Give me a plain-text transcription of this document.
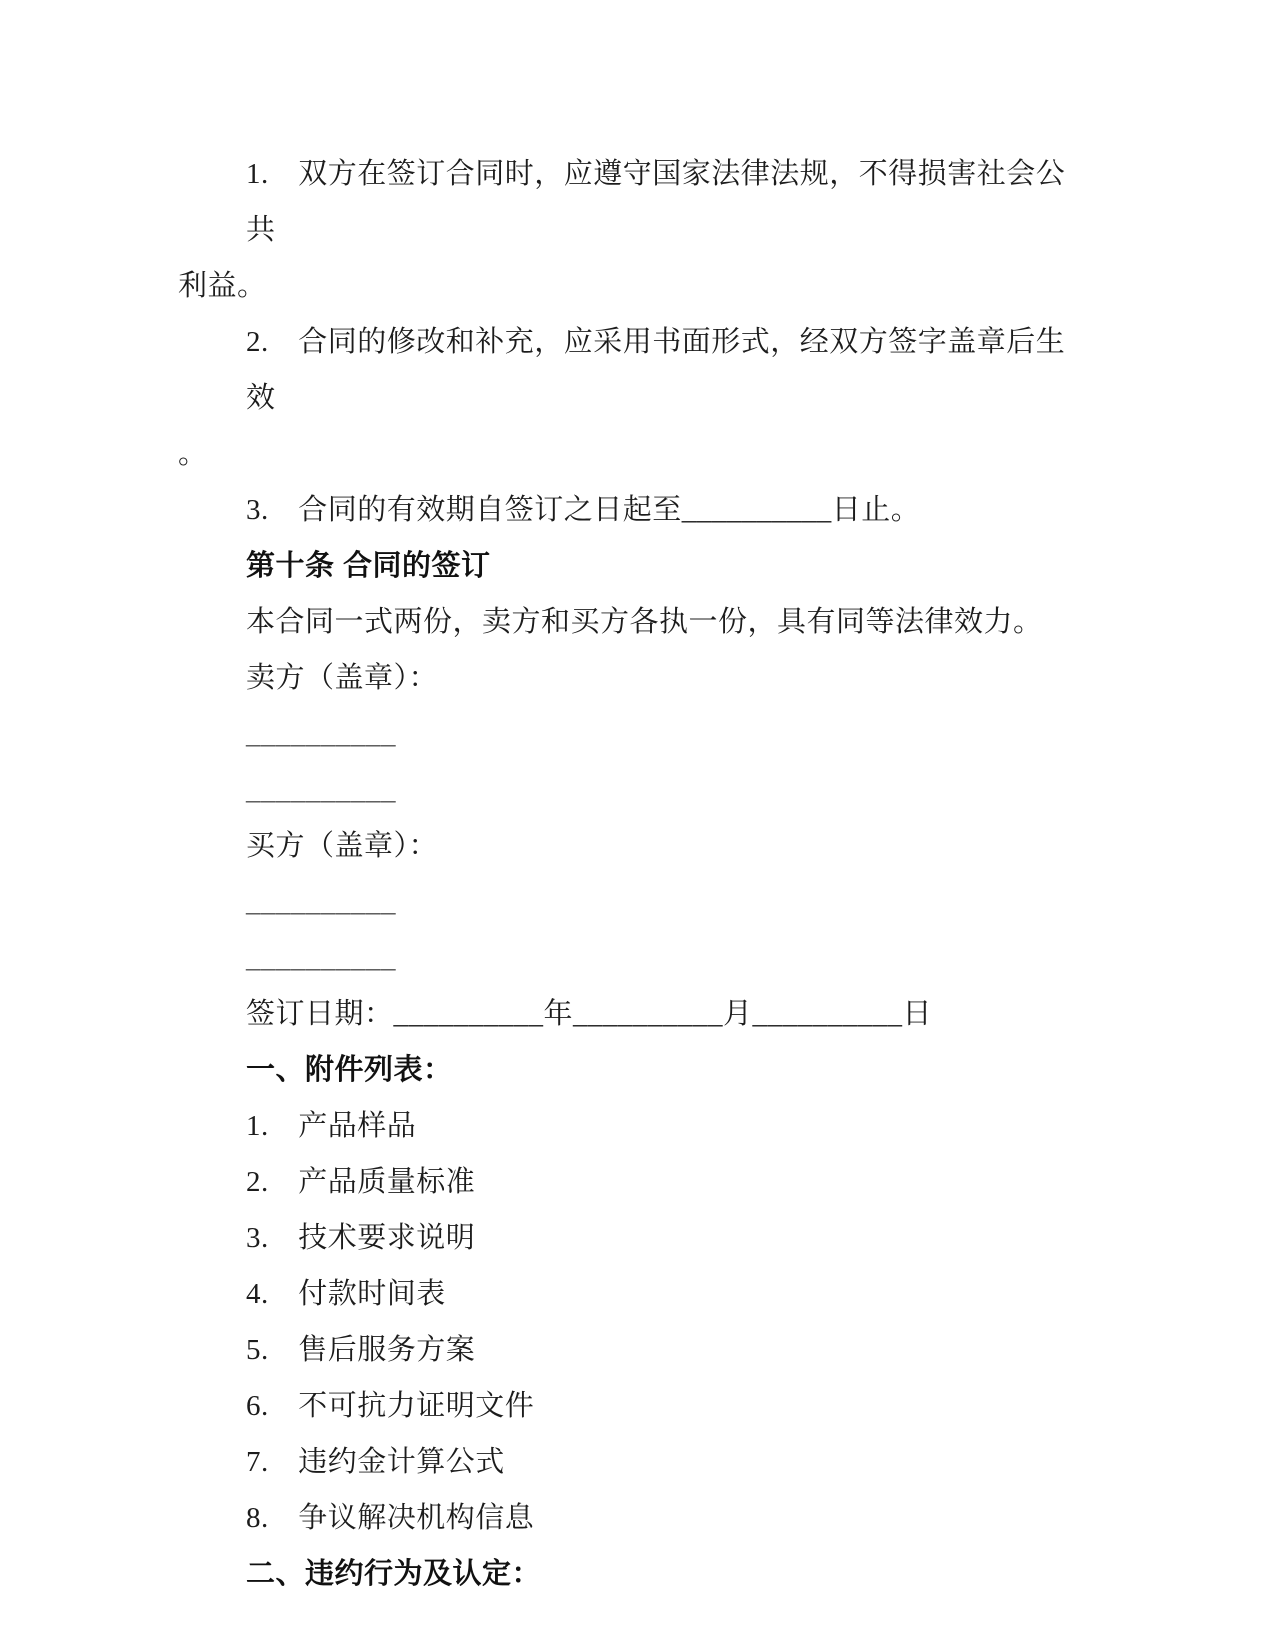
1.　双方在签订合同时，应遵守国家法律法规，不得损害社会公共
利益。
2.　合同的修改和补充，应采用书面形式，经双方签字盖章后生效
。
3.　合同的有效期自签订之日起至__________日止。
第十条 合同的签订
本合同一式两份，卖方和买方各执一份，具有同等法律效力。
卖方（盖章）：
__________
__________
买方（盖章）：
__________
__________
签订日期：__________年__________月__________日
一、附件列表：
1.　产品样品
2.　产品质量标准
3.　技术要求说明
4.　付款时间表
5.　售后服务方案
6.　不可抗力证明文件
7.　违约金计算公式
8.　争议解决机构信息
二、违约行为及认定：
